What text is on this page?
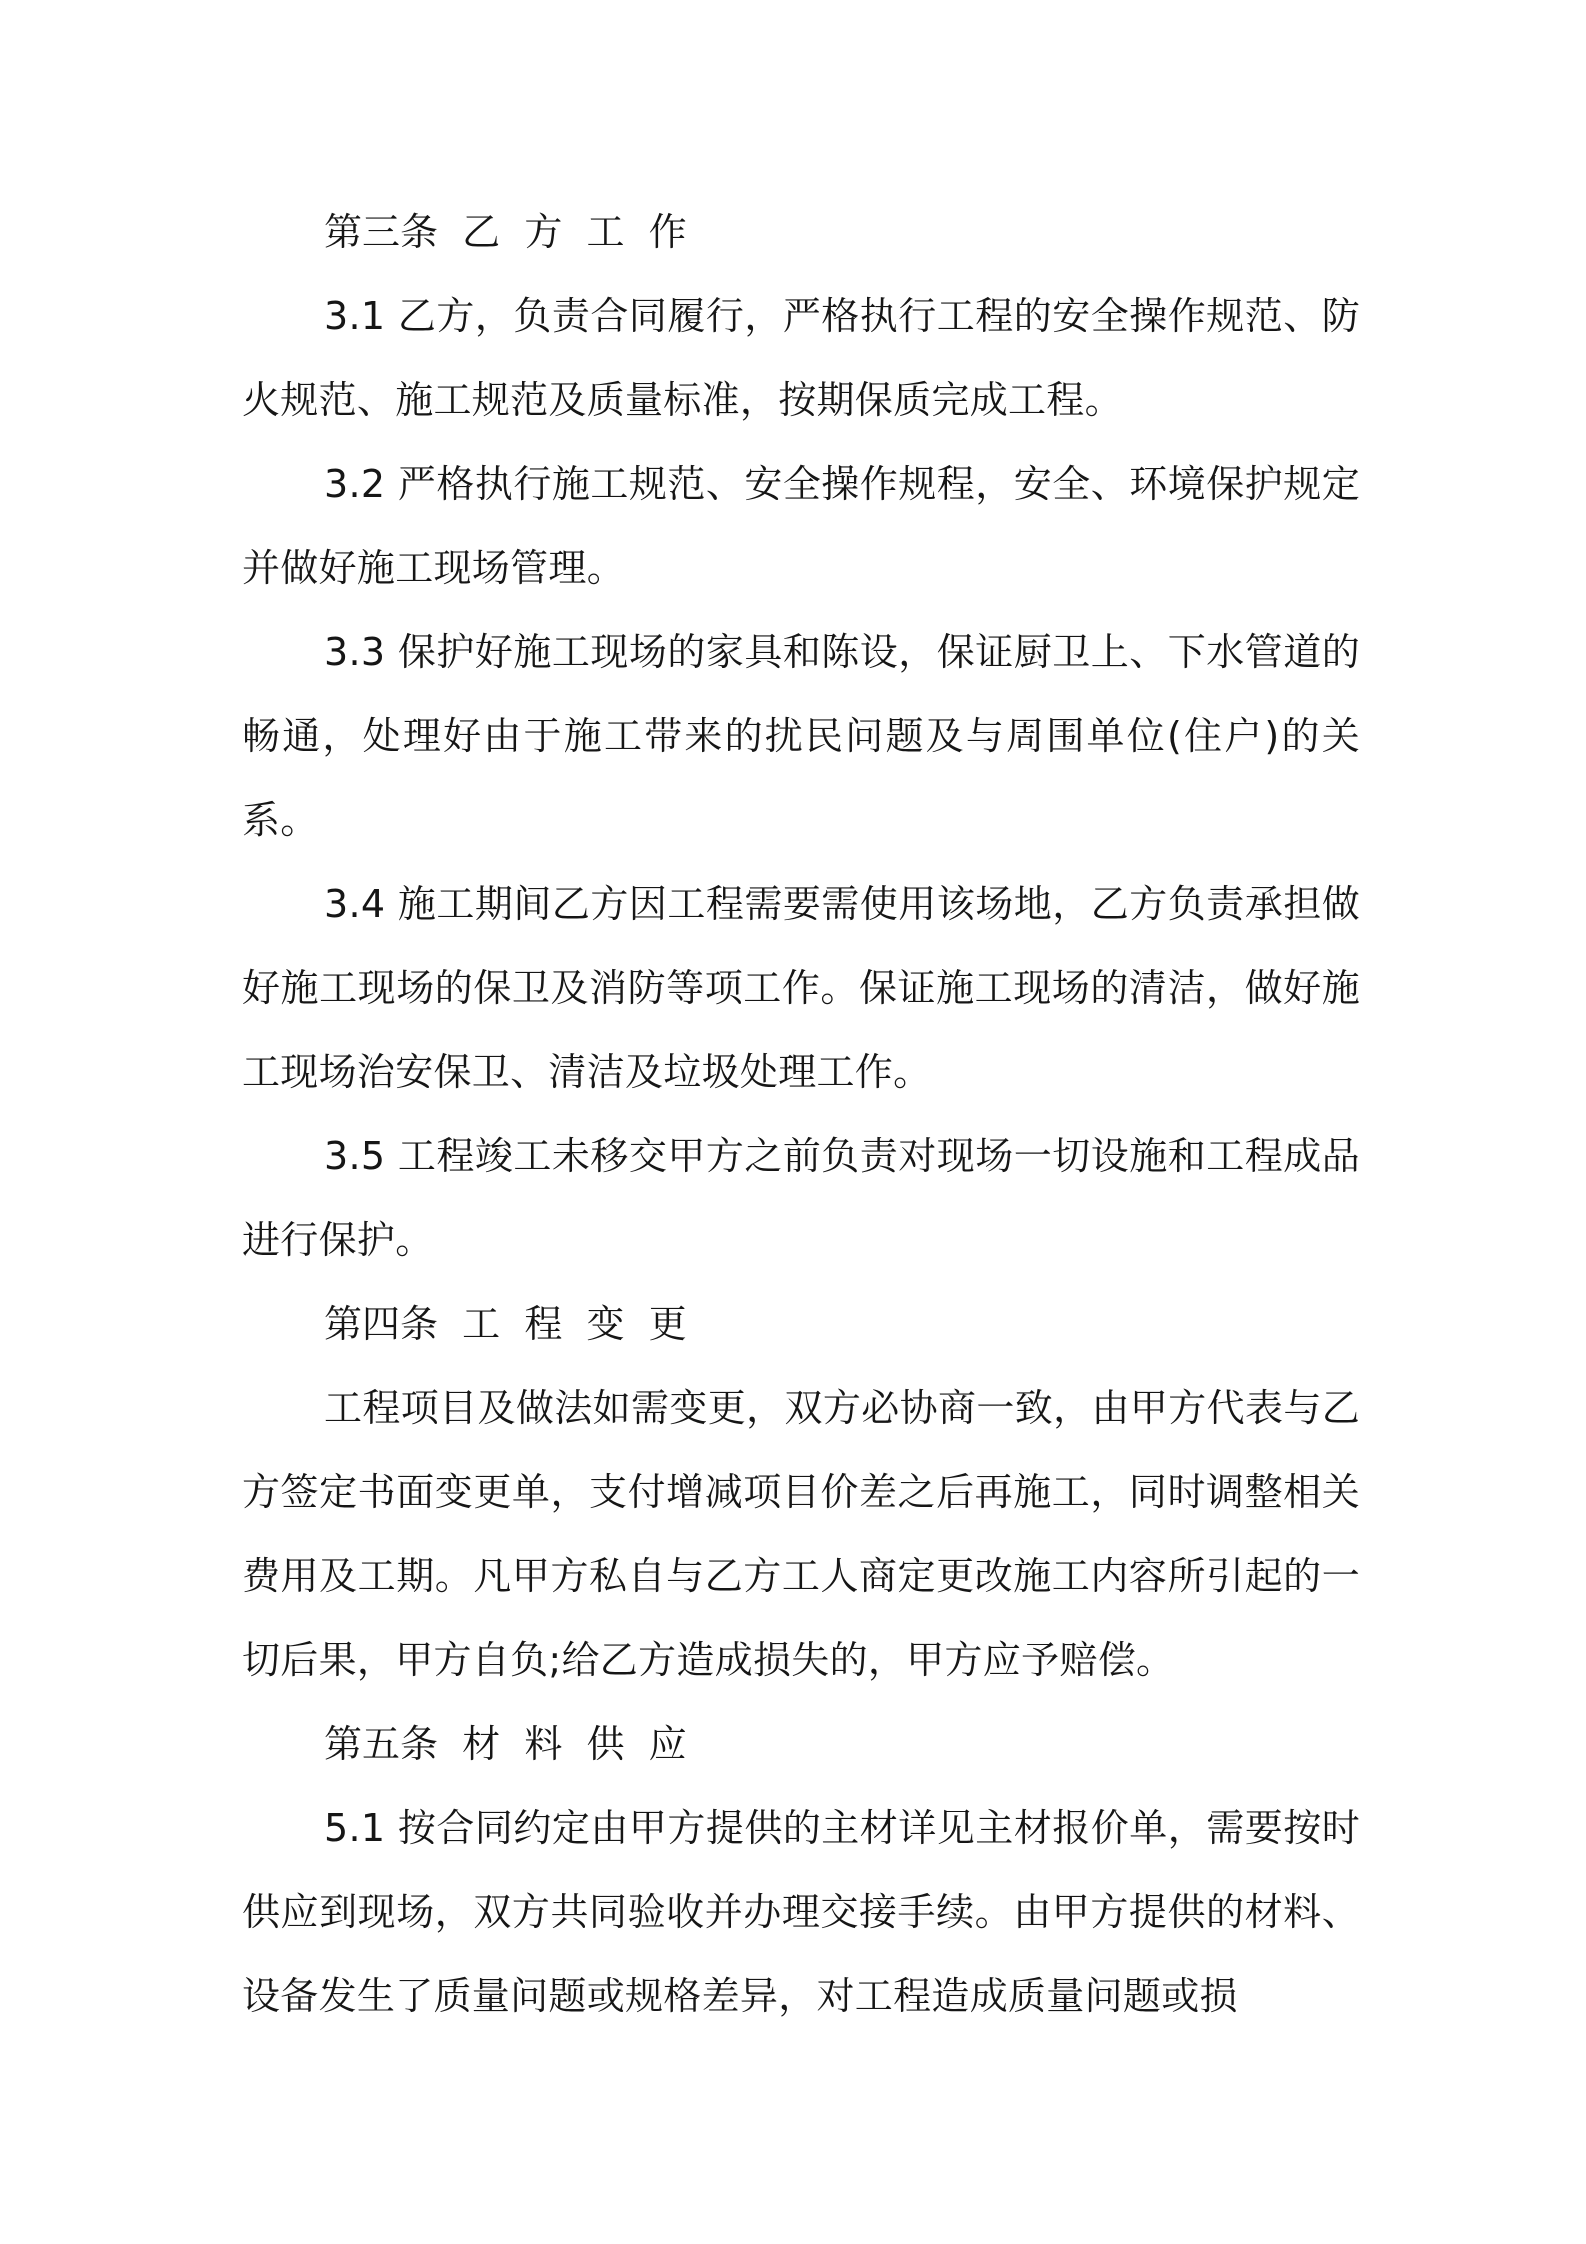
第三条  乙  方  工  作

3.1 乙方，负责合同履行，严格执行工程的安全操作规范、防火规范、施工规范及质量标准，按期保质完成工程。

3.2 严格执行施工规范、安全操作规程，安全、环境保护规定并做好施工现场管理。

3.3 保护好施工现场的家具和陈设，保证厨卫上、下水管道的畅通，处理好由于施工带来的扰民问题及与周围单位(住户)的关系。

3.4 施工期间乙方因工程需要需使用该场地，乙方负责承担做好施工现场的保卫及消防等项工作。保证施工现场的清洁，做好施工现场治安保卫、清洁及垃圾处理工作。

3.5 工程竣工未移交甲方之前负责对现场一切设施和工程成品进行保护。

第四条  工  程  变  更

工程项目及做法如需变更，双方必协商一致，由甲方代表与乙方签定书面变更单，支付增减项目价差之后再施工，同时调整相关费用及工期。凡甲方私自与乙方工人商定更改施工内容所引起的一切后果，甲方自负;给乙方造成损失的，甲方应予赔偿。

第五条  材  料  供  应

5.1 按合同约定由甲方提供的主材详见主材报价单，需要按时供应到现场，双方共同验收并办理交接手续。由甲方提供的材料、设备发生了质量问题或规格差异，对工程造成质量问题或损
